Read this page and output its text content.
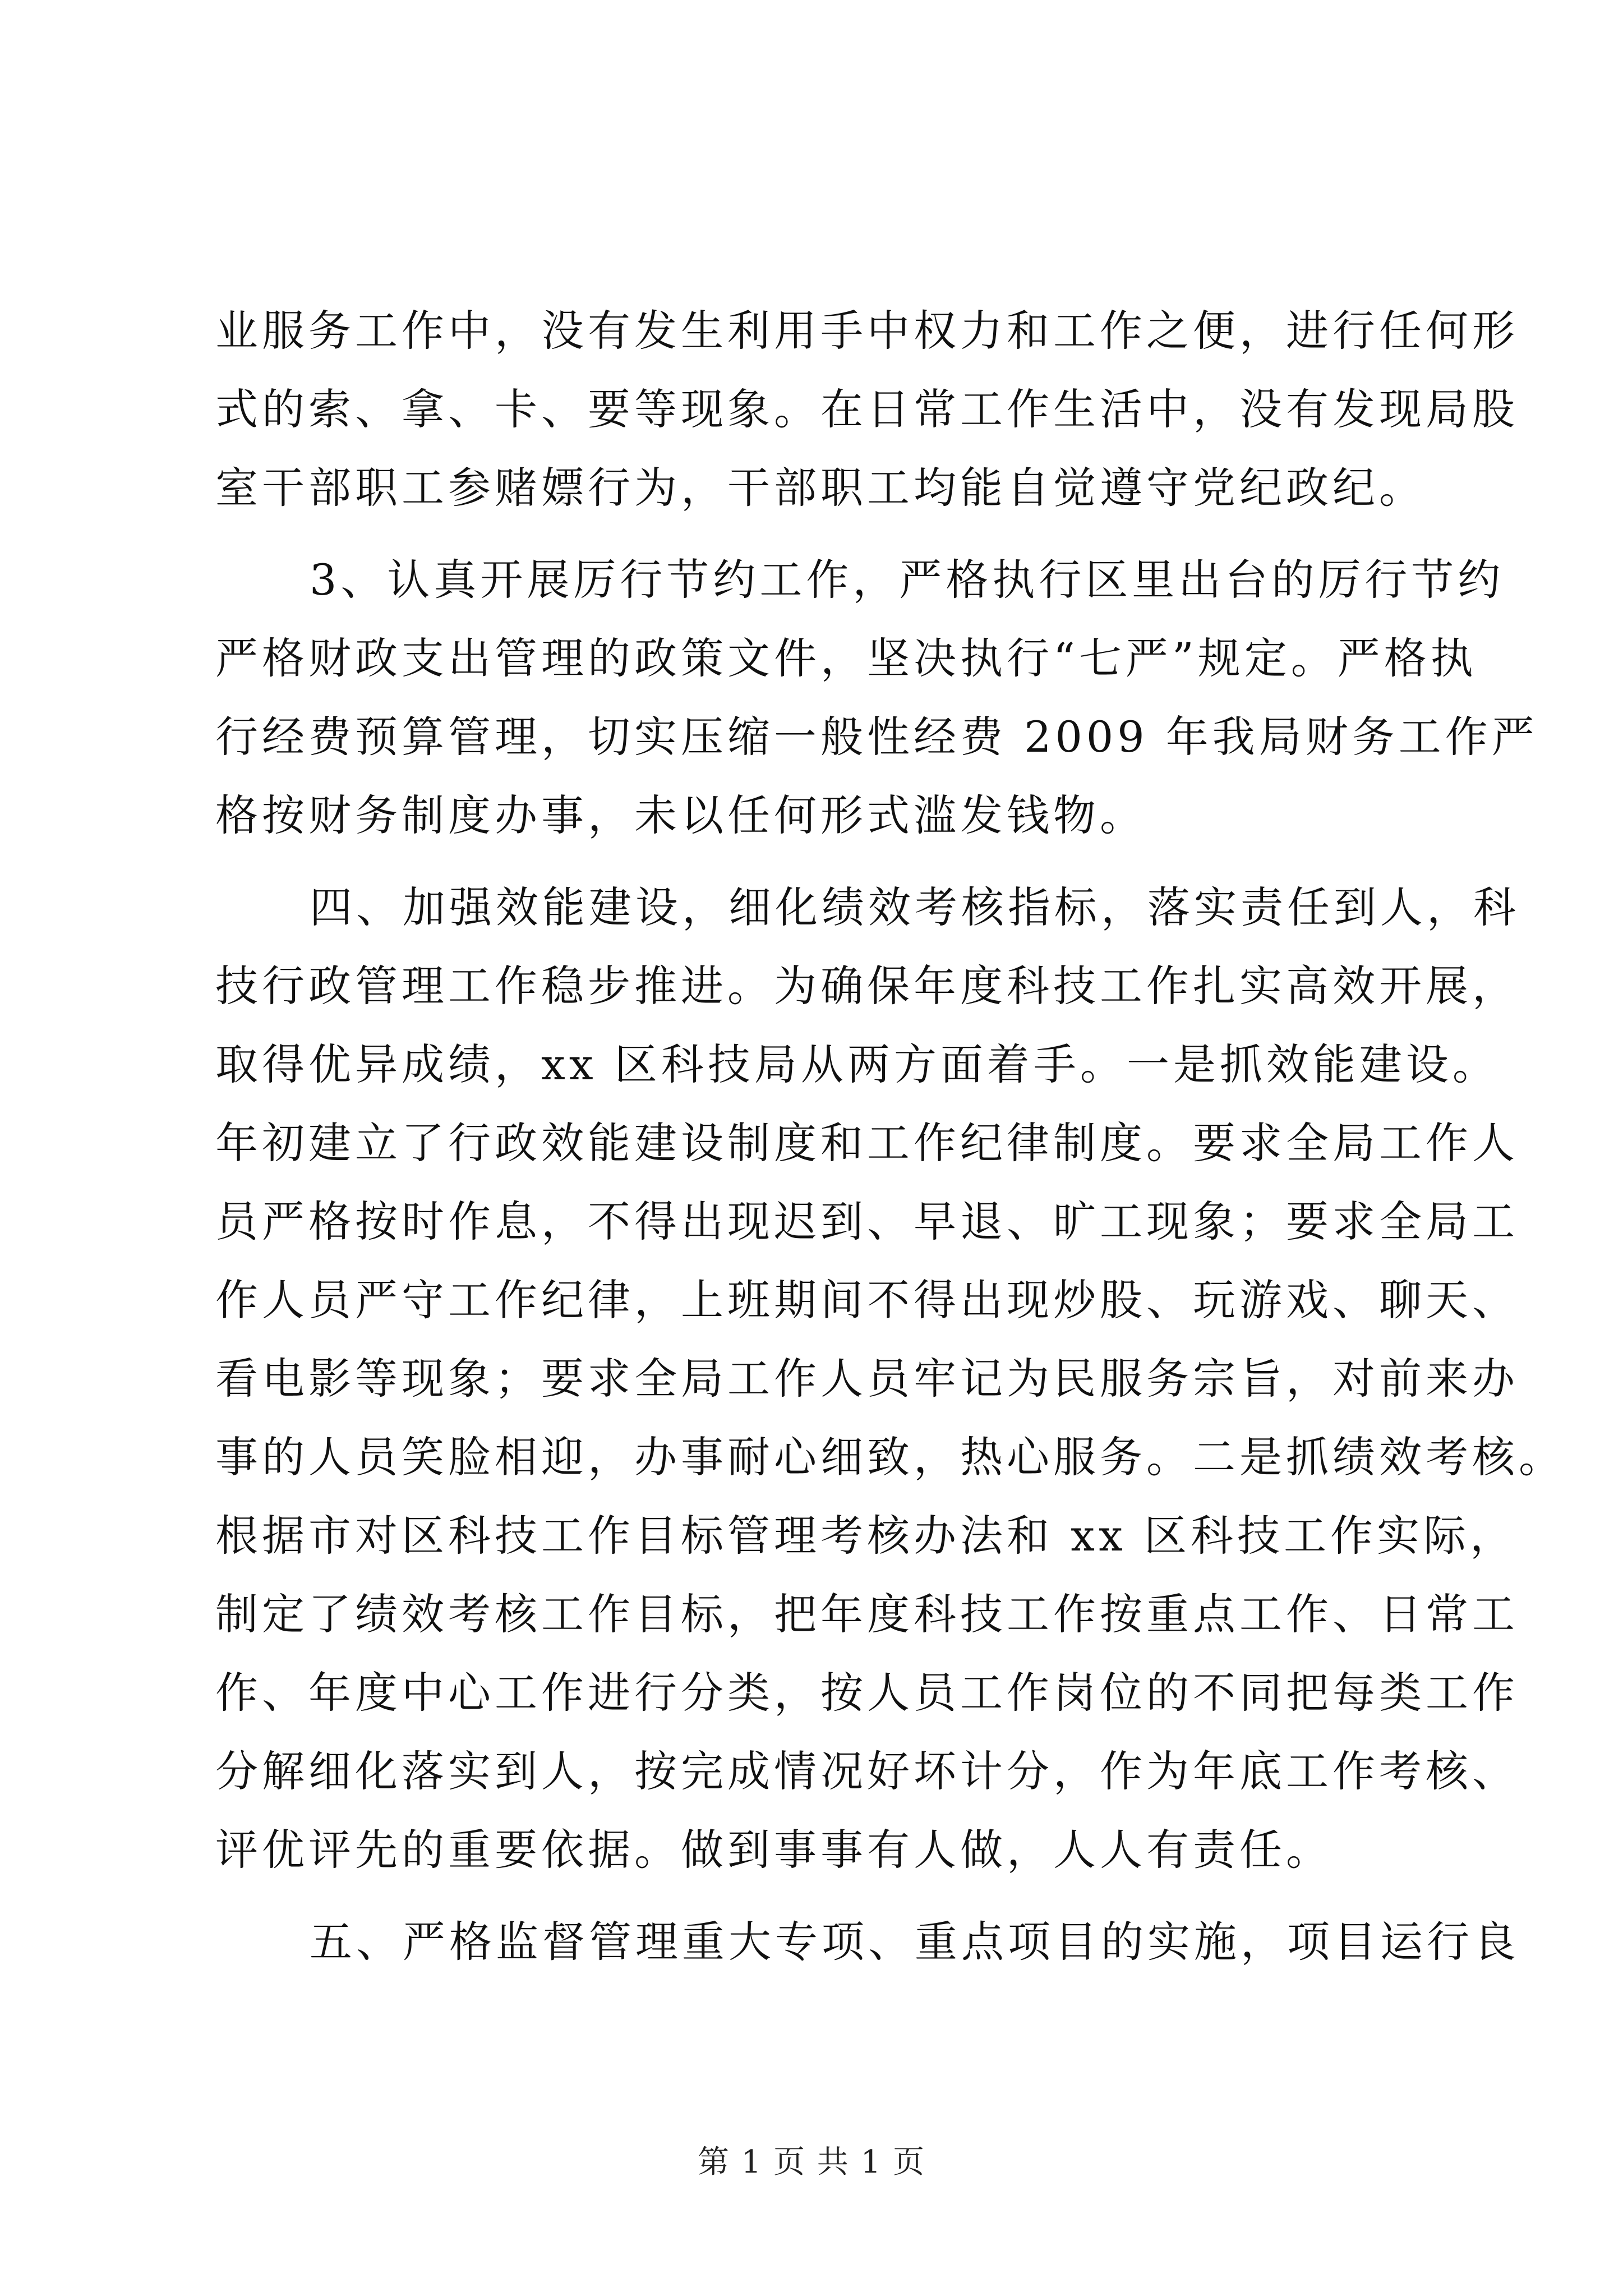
业服务工作中，没有发生利用手中权力和工作之便，进行任何形
式的索、拿、卡、要等现象。在日常工作生活中，没有发现局股
室干部职工参赌嫖行为，干部职工均能自觉遵守党纪政纪。
3、认真开展厉行节约工作，严格执行区里出台的厉行节约
严格财政支出管理的政策文件，坚决执行“七严”规定。严格执
行经费预算管理，切实压缩一般性经费 2009 年我局财务工作严
格按财务制度办事，未以任何形式滥发钱物。
四、加强效能建设，细化绩效考核指标，落实责任到人，科
技行政管理工作稳步推进。为确保年度科技工作扎实高效开展，
取得优异成绩，xx 区科技局从两方面着手。一是抓效能建设。
年初建立了行政效能建设制度和工作纪律制度。要求全局工作人
员严格按时作息，不得出现迟到、早退、旷工现象；要求全局工
作人员严守工作纪律，上班期间不得出现炒股、玩游戏、聊天、
看电影等现象；要求全局工作人员牢记为民服务宗旨，对前来办
事的人员笑脸相迎，办事耐心细致，热心服务。二是抓绩效考核。
根据市对区科技工作目标管理考核办法和 xx 区科技工作实际，
制定了绩效考核工作目标，把年度科技工作按重点工作、日常工
作、年度中心工作进行分类，按人员工作岗位的不同把每类工作
分解细化落实到人，按完成情况好坏计分，作为年底工作考核、
评优评先的重要依据。做到事事有人做，人人有责任。
五、严格监督管理重大专项、重点项目的实施，项目运行良
第 1 页 共 1 页
